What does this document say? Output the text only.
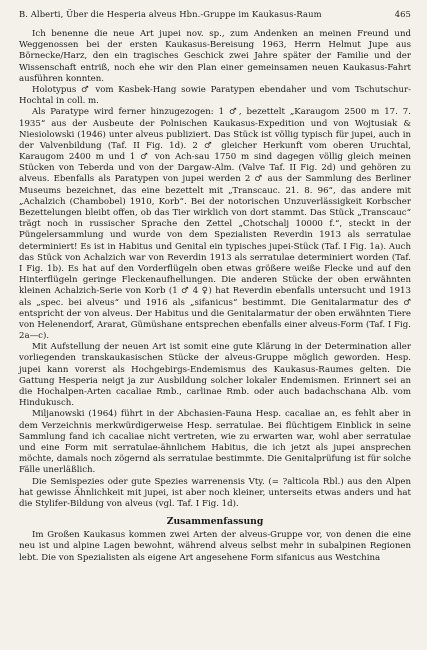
B. Alberti, Über die Hesperia alveus Hbn.-Gruppe im Kaukasus-Raum	465

Ich benenne die neue Art jupei nov. sp., zum Andenken an meinen Freund und Weggenossen bei der ersten Kaukasus-Bereisung 1963, Herrn Helmut Jupe aus Börnecke/Harz, den ein tragisches Geschick zwei Jahre später der Familie und der Wissenschaft entriß, noch ehe wir den Plan einer gemeinsamen neuen Kaukasus-Fahrt ausführen konnten.

Holotypus ♂ vom Kasbek-Hang sowie Paratypen ebendaher und vom Tschutschur-Hochtal in coll. m.

Als Paratype wird ferner hinzugezogen: 1 ♂, bezettelt „Karaugom 2500 m 17. 7. 1935“ aus der Ausbeute der Polnischen Kaukasus-Expedition und von Wojtusiak & Niesiolowski (1946) unter alveus publiziert. Das Stück ist völlig typisch für jupei, auch in der Valvenbildung (Taf. II Fig. 1d). 2 ♂ gleicher Herkunft vom oberen Uruchtal, Karaugom 2400 m und 1 ♂ von Ach-sau 1750 m sind dagegen völlig gleich meinen Stücken von Teberda und von der Dargaw-Alm. (Valve Taf. II Fig. 2d) und gehören zu alveus. Ebenfalls als Paratypen von jupei werden 2 ♂ aus der Sammlung des Berliner Museums bezeichnet, das eine bezettelt mit „Transcauc. 21. 8. 96“, das andere mit „Achalzich (Chambobel) 1910, Korb“. Bei der notorischen Unzuverlässigkeit Korbscher Bezettelungen bleibt offen, ob das Tier wirklich von dort stammt. Das Stück „Transcauc“ trägt noch in russischer Sprache den Zettel „Chotschalj 10000 f.“, steckt in der Püngelersammlung und wurde von dem Spezialisten Reverdin 1913 als serratulae determiniert! Es ist in Habitus und Genital ein typisches jupei-Stück (Taf. I Fig. 1a). Auch das Stück von Achalzich war von Reverdin 1913 als serratulae determiniert worden (Taf. I Fig. 1b). Es hat auf den Vorderflügeln oben etwas größere weiße Flecke und auf den Hinterflügeln geringe Fleckenaufhellungen. Die anderen Stücke der oben erwähnten kleinen Achalzich-Serie von Korb (1 ♂ 4 ♀) hat Reverdin ebenfalls untersucht und 1913 als „spec. bei alveus“ und 1916 als „sifanicus“ bestimmt. Die Genitalarmatur des ♂ entspricht der von alveus. Der Habitus und die Genitalarmatur der oben erwähnten Tiere von Helenendorf, Ararat, Gümüshane entsprechen ebenfalls einer alveus-Form (Taf. I Fig. 2a—c).

Mit Aufstellung der neuen Art ist somit eine gute Klärung in der Determination aller vorliegenden transkaukasischen Stücke der alveus-Gruppe möglich geworden. Hesp. jupei kann vorerst als Hochgebirgs-Endemismus des Kaukasus-Raumes gelten. Die Gattung Hesperia neigt ja zur Ausbildung solcher lokaler Endemismen. Erinnert sei an die Hochalpen-Arten cacaliae Rmb., carlinae Rmb. oder auch badachschana Alb. vom Hindukusch.

Miljanowski (1964) führt in der Abchasien-Fauna Hesp. cacaliae an, es fehlt aber in dem Verzeichnis merkwürdigerweise Hesp. serratulae. Bei flüchtigem Einblick in seine Sammlung fand ich cacaliae nicht vertreten, wie zu erwarten war, wohl aber serratulae und eine Form mit serratulae-ähnlichem Habitus, die ich jetzt als jupei ansprechen möchte, damals noch zögernd als serratulae bestimmte. Die Genitalprüfung ist für solche Fälle unerläßlich.

Die Semispezies oder gute Spezies warrenensis Vty. (= ?alticola Rbl.) aus den Alpen hat gewisse Ähnlichkeit mit jupei, ist aber noch kleiner, unterseits etwas anders und hat die Stylifer-Bildung von alveus (vgl. Taf. I Fig. 1d).

Zusammenfassung

Im Großen Kaukasus kommen zwei Arten der alveus-Gruppe vor, von denen die eine neu ist und alpine Lagen bewohnt, während alveus selbst mehr in subalpinen Regionen lebt. Die von Spezialisten als eigene Art angesehene Form sifanicus aus Westchina
